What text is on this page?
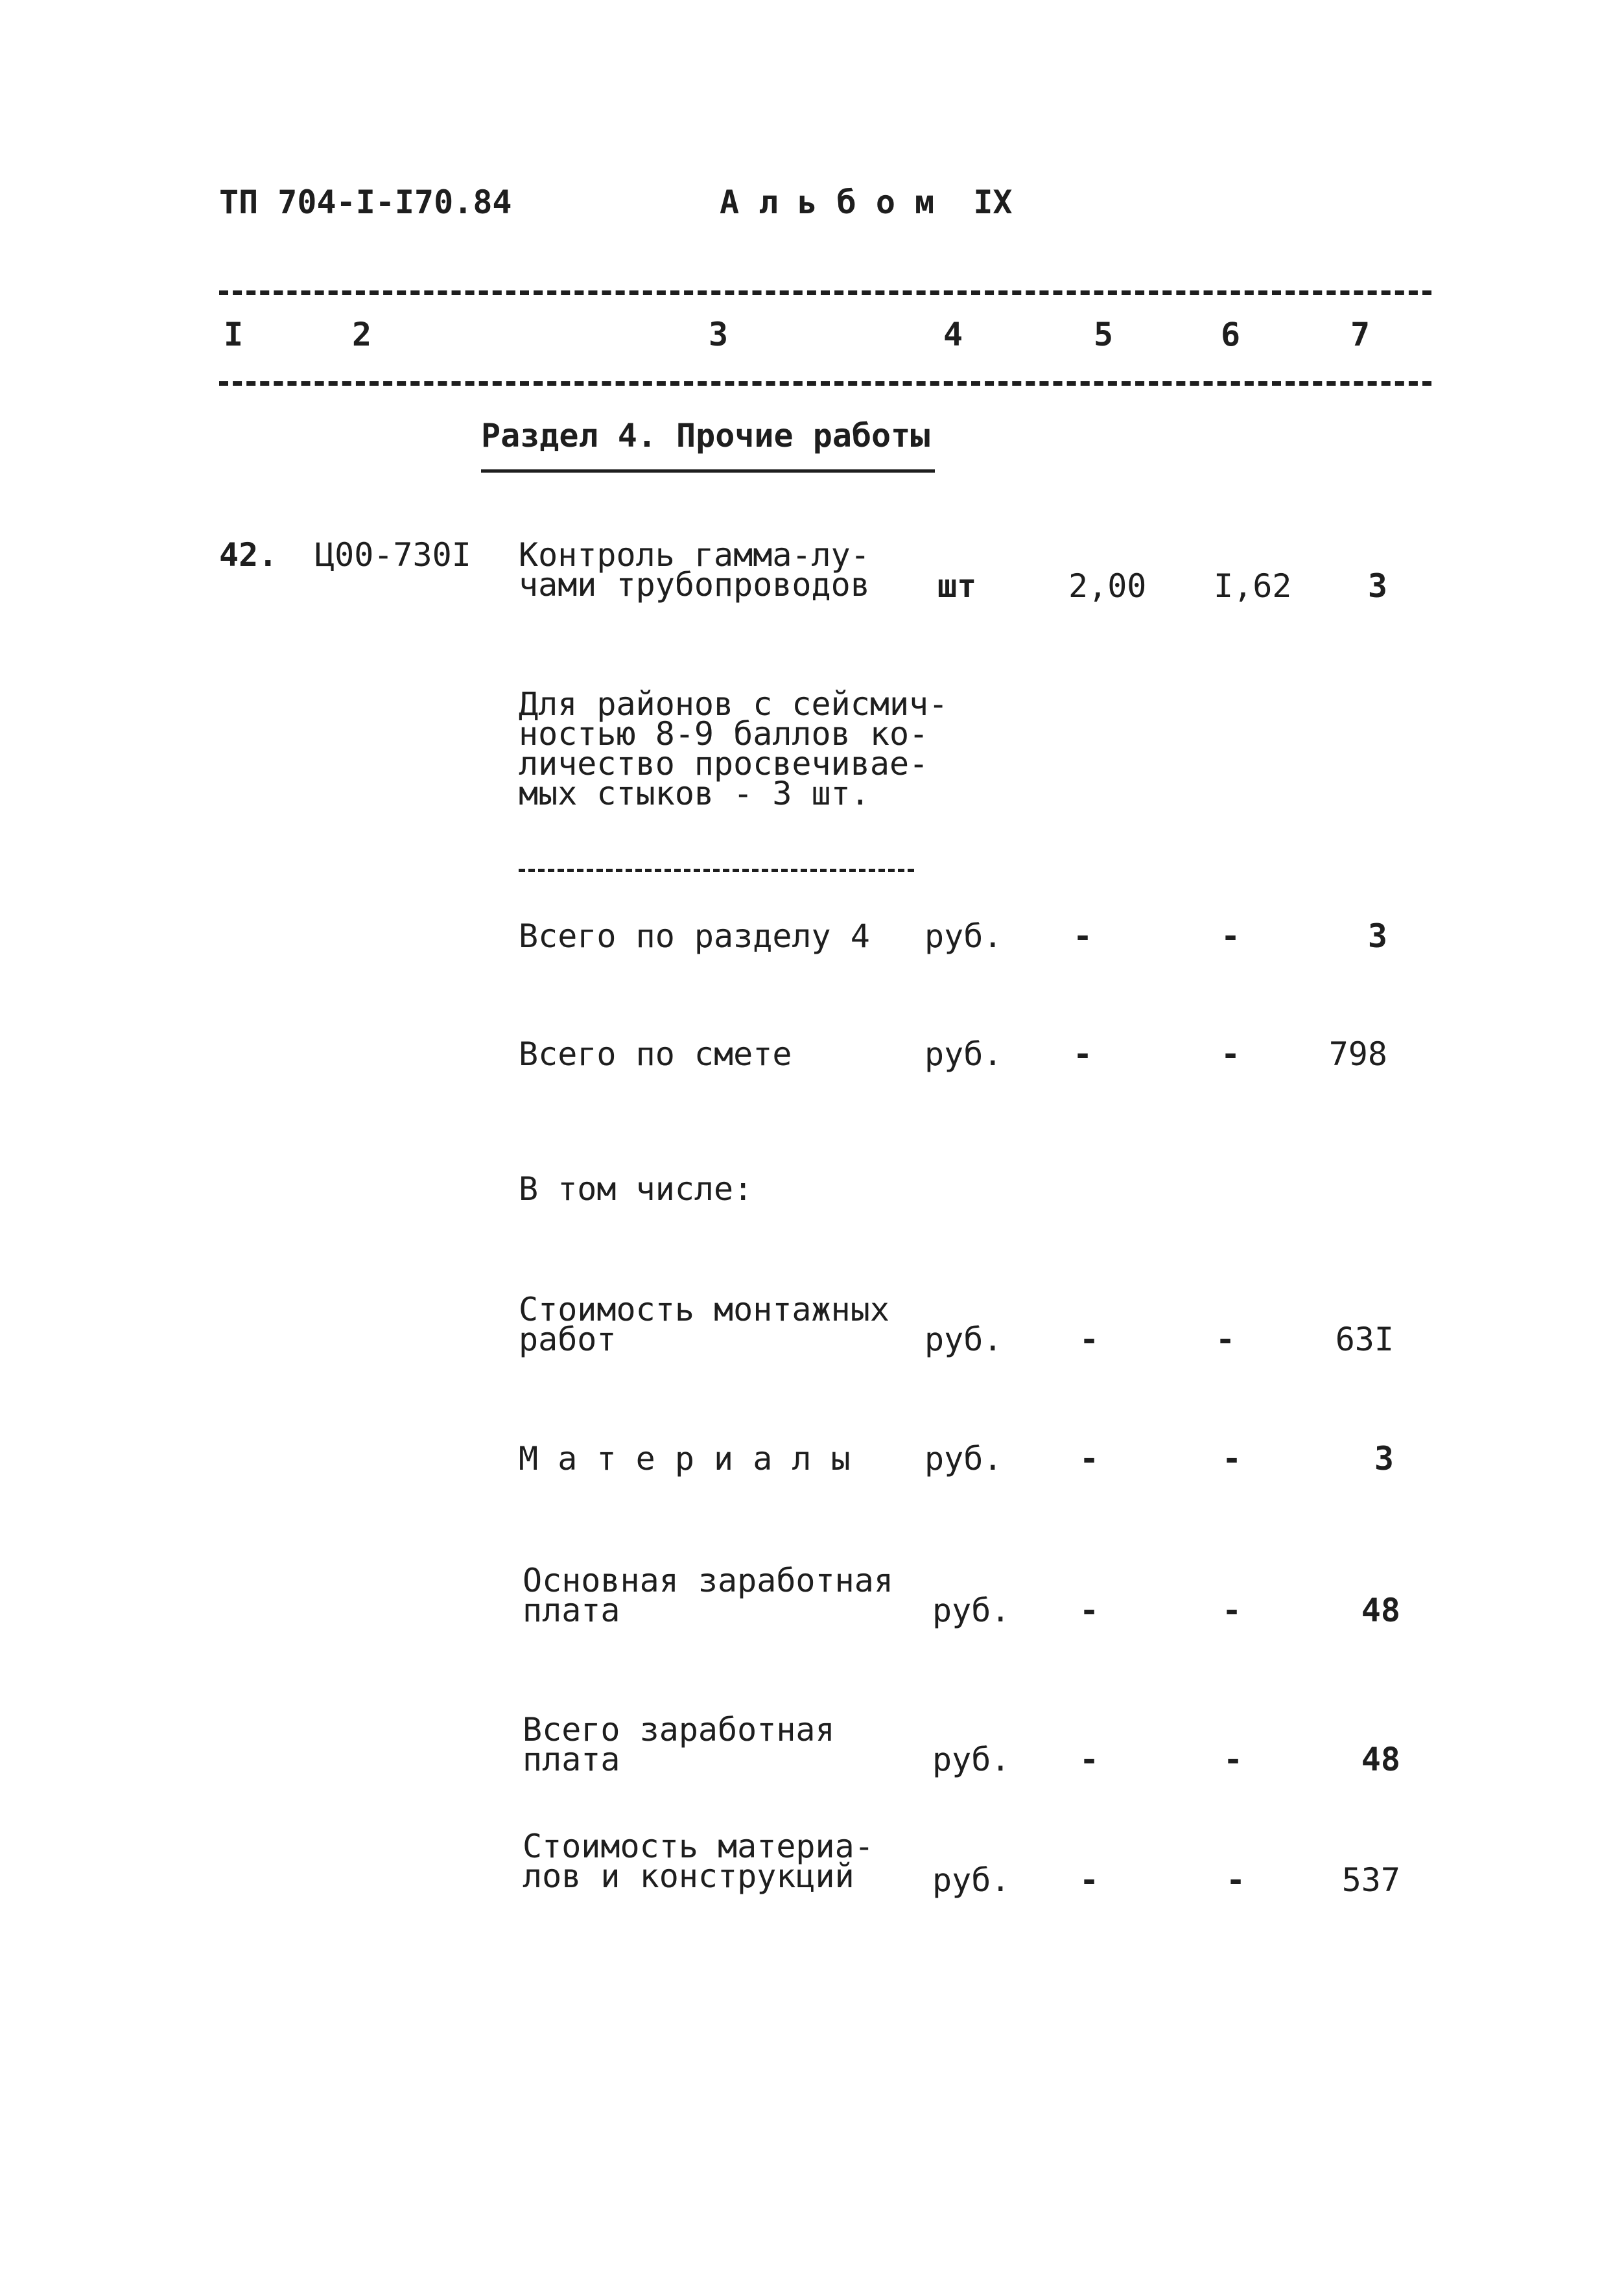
ТП 704-I-I70.84	А л ь б о м  IX
I	2	3	4	5	6	7
Раздел 4. Прочие работы
42. Ц00-730I Контроль гамма-лу-
чами трубопроводов шт	2,00 I,62	3
Для районов с сейсмич-
ностью 8-9 баллов ко-
личество просвечивае-
мых стыков - 3 шт.
Всего по разделу 4 руб. -	-	3
Всего по смете	руб. -	-	798
В том числе:
Стоимость монтажных
работ	руб. -	-	63I
М а т е р и а л ы руб. -	-	3
Основная заработная
плата	руб. -	-	48
Всего заработная
плата	руб. -	-	48
Стоимость материа-
лов и конструкций руб. -	-	537
